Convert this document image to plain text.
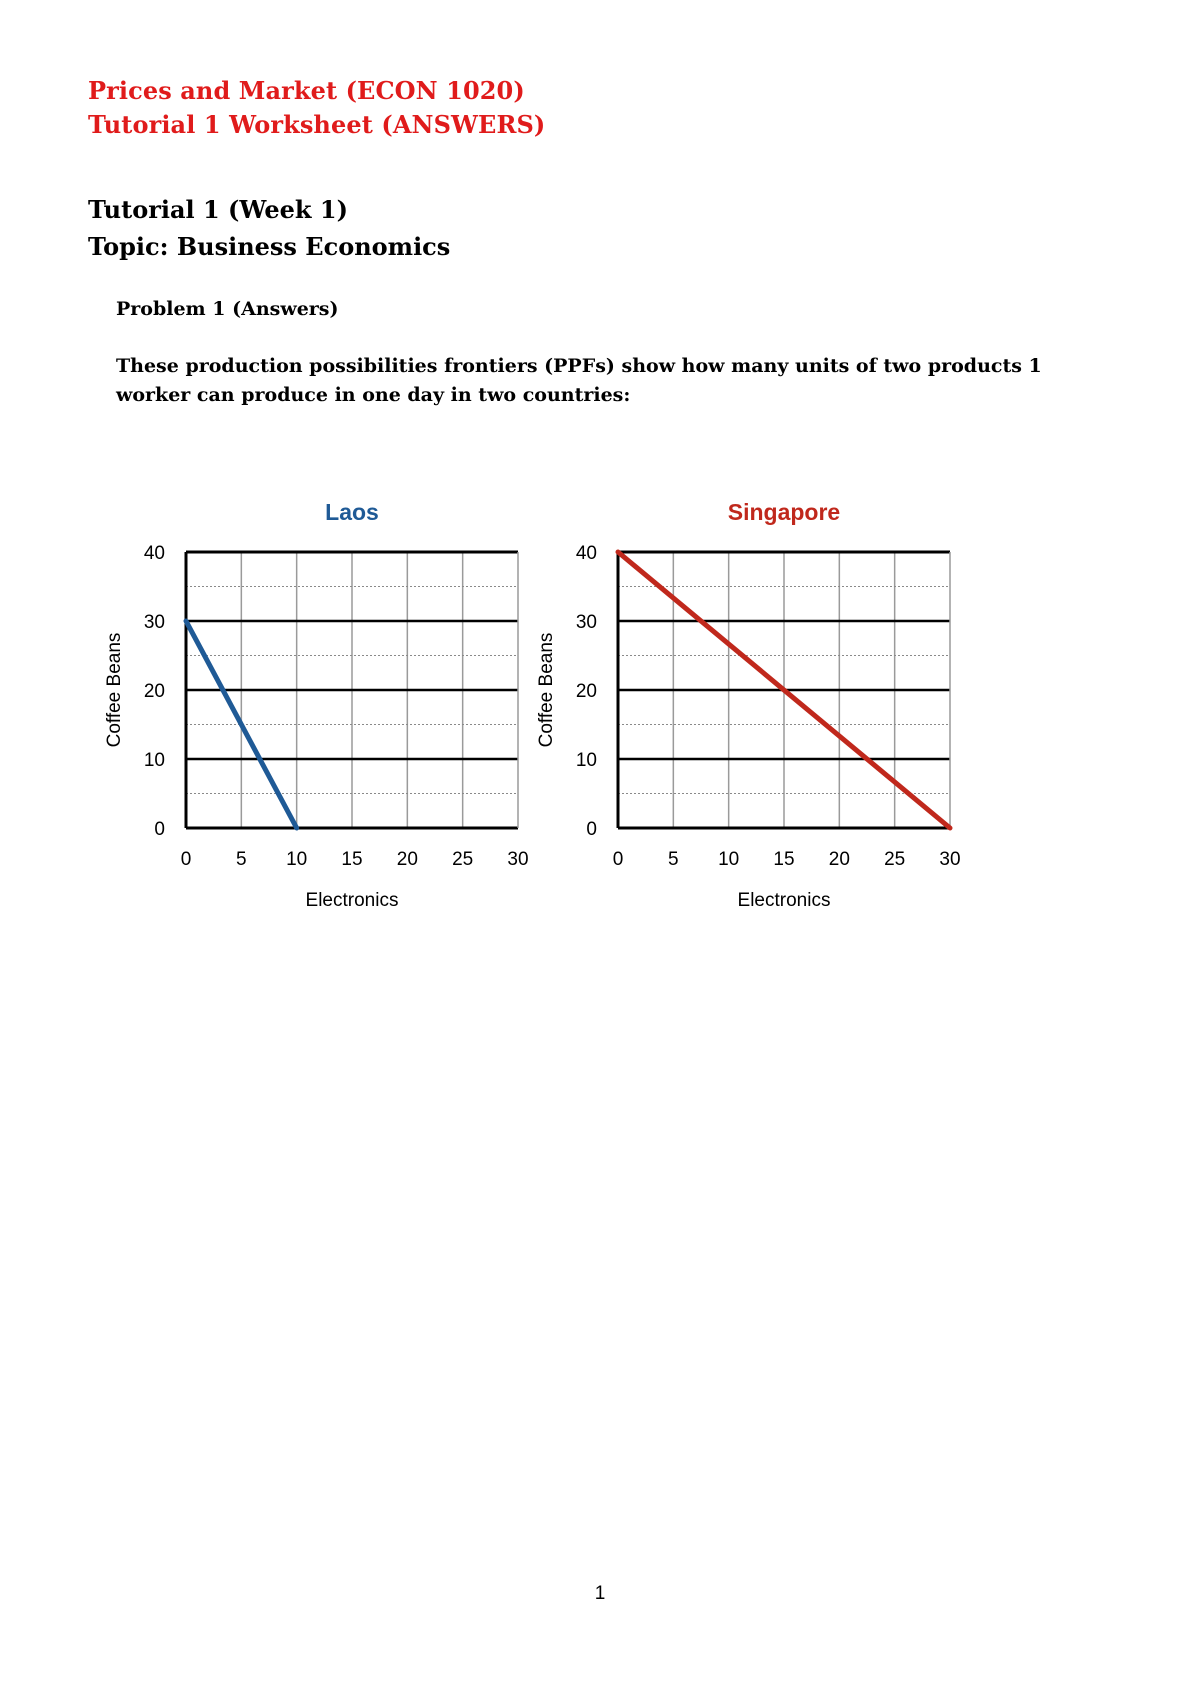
Prices and Market (ECON 1020)
Tutorial 1 Worksheet (ANSWERS)
Tutorial 1 (Week 1)
Topic: Business Economics
Problem 1 (Answers)
These production possibilities frontiers (PPFs) show how many units of two products 1
worker can produce in one day in two countries:
Laos
0 5 10 15 20 25 30
0
10
20
30
40
Electronics
Coffee Beans
Singapore
0 5 10 15 20 25 30
0
10
20
30
40
Electronics
Coffee Beans
1
